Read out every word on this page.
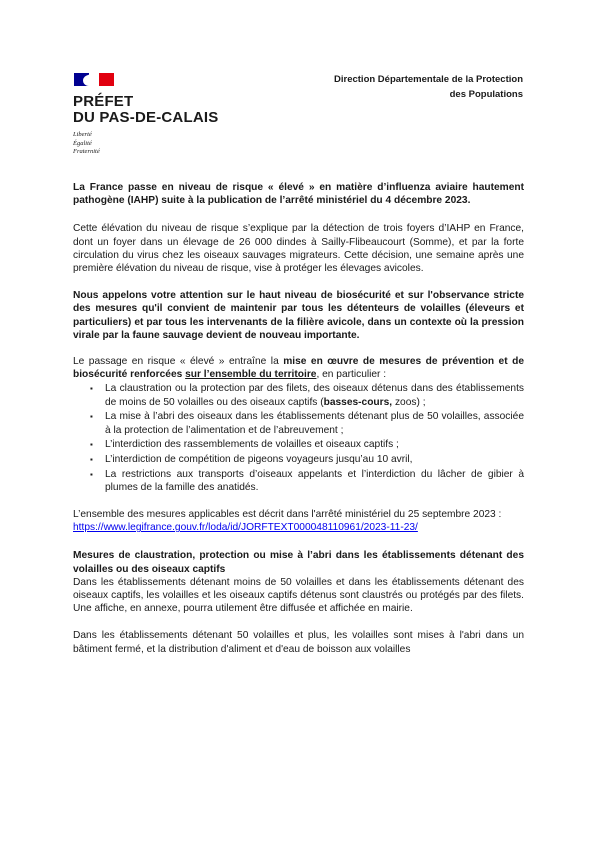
PRÉFET
DU PAS-DE-CALAIS
Liberté
Égalité
Fraternité
Direction Départementale de la Protection
des Populations

La France passe en niveau de risque « élevé » en matière d’influenza aviaire hautement pathogène (IAHP) suite à la publication de l’arrêté ministériel du 4 décembre 2023.

Cette élévation du niveau de risque s’explique par la détection de trois foyers d’IAHP en France, dont un foyer dans un élevage de 26 000 dindes à Sailly-Flibeaucourt (Somme), et par la forte circulation du virus chez les oiseaux sauvages migrateurs. Cette décision, une semaine après une première élévation du niveau de risque, vise à protéger les élevages avicoles.

Nous appelons votre attention sur le haut niveau de biosécurité et sur l'observance stricte des mesures qu'il convient de maintenir par tous les détenteurs de volailles (éleveurs et particuliers) et par tous les intervenants de la filière avicole, dans un contexte où la pression virale par la faune sauvage devient de nouveau importante.

Le passage en risque « élevé » entraîne la mise en œuvre de mesures de prévention et de biosécurité renforcées sur l’ensemble du territoire, en particulier :

▪ La claustration ou la protection par des filets, des oiseaux détenus dans des établissements de moins de 50 volailles ou des oiseaux captifs (basses-cours, zoos) ;
▪ La mise à l’abri des oiseaux dans les établissements détenant plus de 50 volailles, associée à la protection de l’alimentation et de l’abreuvement ;
▪ L’interdiction des rassemblements de volailles et oiseaux captifs ;
▪ L’interdiction de compétition de pigeons voyageurs jusqu’au 10 avril,
▪ La restrictions aux transports d’oiseaux appelants et l’interdiction du lâcher de gibier à plumes de la famille des anatidés.

L’ensemble des mesures applicables est décrit dans l'arrêté ministériel du 25 septembre 2023 :

https://www.legifrance.gouv.fr/loda/id/JORFTEXT000048110961/2023-11-23/

Mesures de claustration, protection ou mise à l’abri dans les établissements détenant des volailles ou des oiseaux captifs

Dans les établissements détenant moins de 50 volailles et dans les établissements détenant des oiseaux captifs, les volailles et les oiseaux captifs détenus sont claustrés ou protégés par des filets. Une affiche, en annexe, pourra utilement être diffusée et affichée en mairie.

Dans les établissements détenant 50 volailles et plus, les volailles sont mises à l'abri dans un bâtiment fermé, et la distribution d'aliment et d'eau de boisson aux volailles
